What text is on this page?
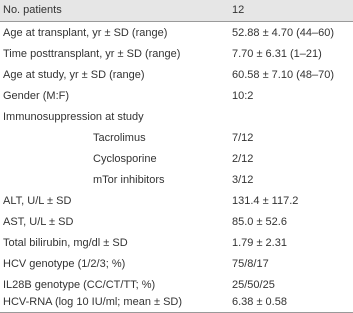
No. patients	12
Age at transplant, yr ± SD (range)	52.88 ± 4.70 (44–60)
Time posttransplant, yr ± SD (range)	7.70 ± 6.31 (1–21)
Age at study, yr ± SD (range)	60.58 ± 7.10 (48–70)
Gender (M:F)	10:2
Immunosuppression at study
Tacrolimus	7/12
Cyclosporine	2/12
mTor inhibitors	3/12
ALT, U/L ± SD	131.4 ± 117.2
AST, U/L ± SD	85.0 ± 52.6
Total bilirubin, mg/dl ± SD	1.79 ± 2.31
HCV genotype (1/2/3; %)	75/8/17
IL28B genotype (CC/CT/TT; %)	25/50/25
HCV-RNA (log 10 IU/ml; mean ± SD)	6.38 ± 0.58
